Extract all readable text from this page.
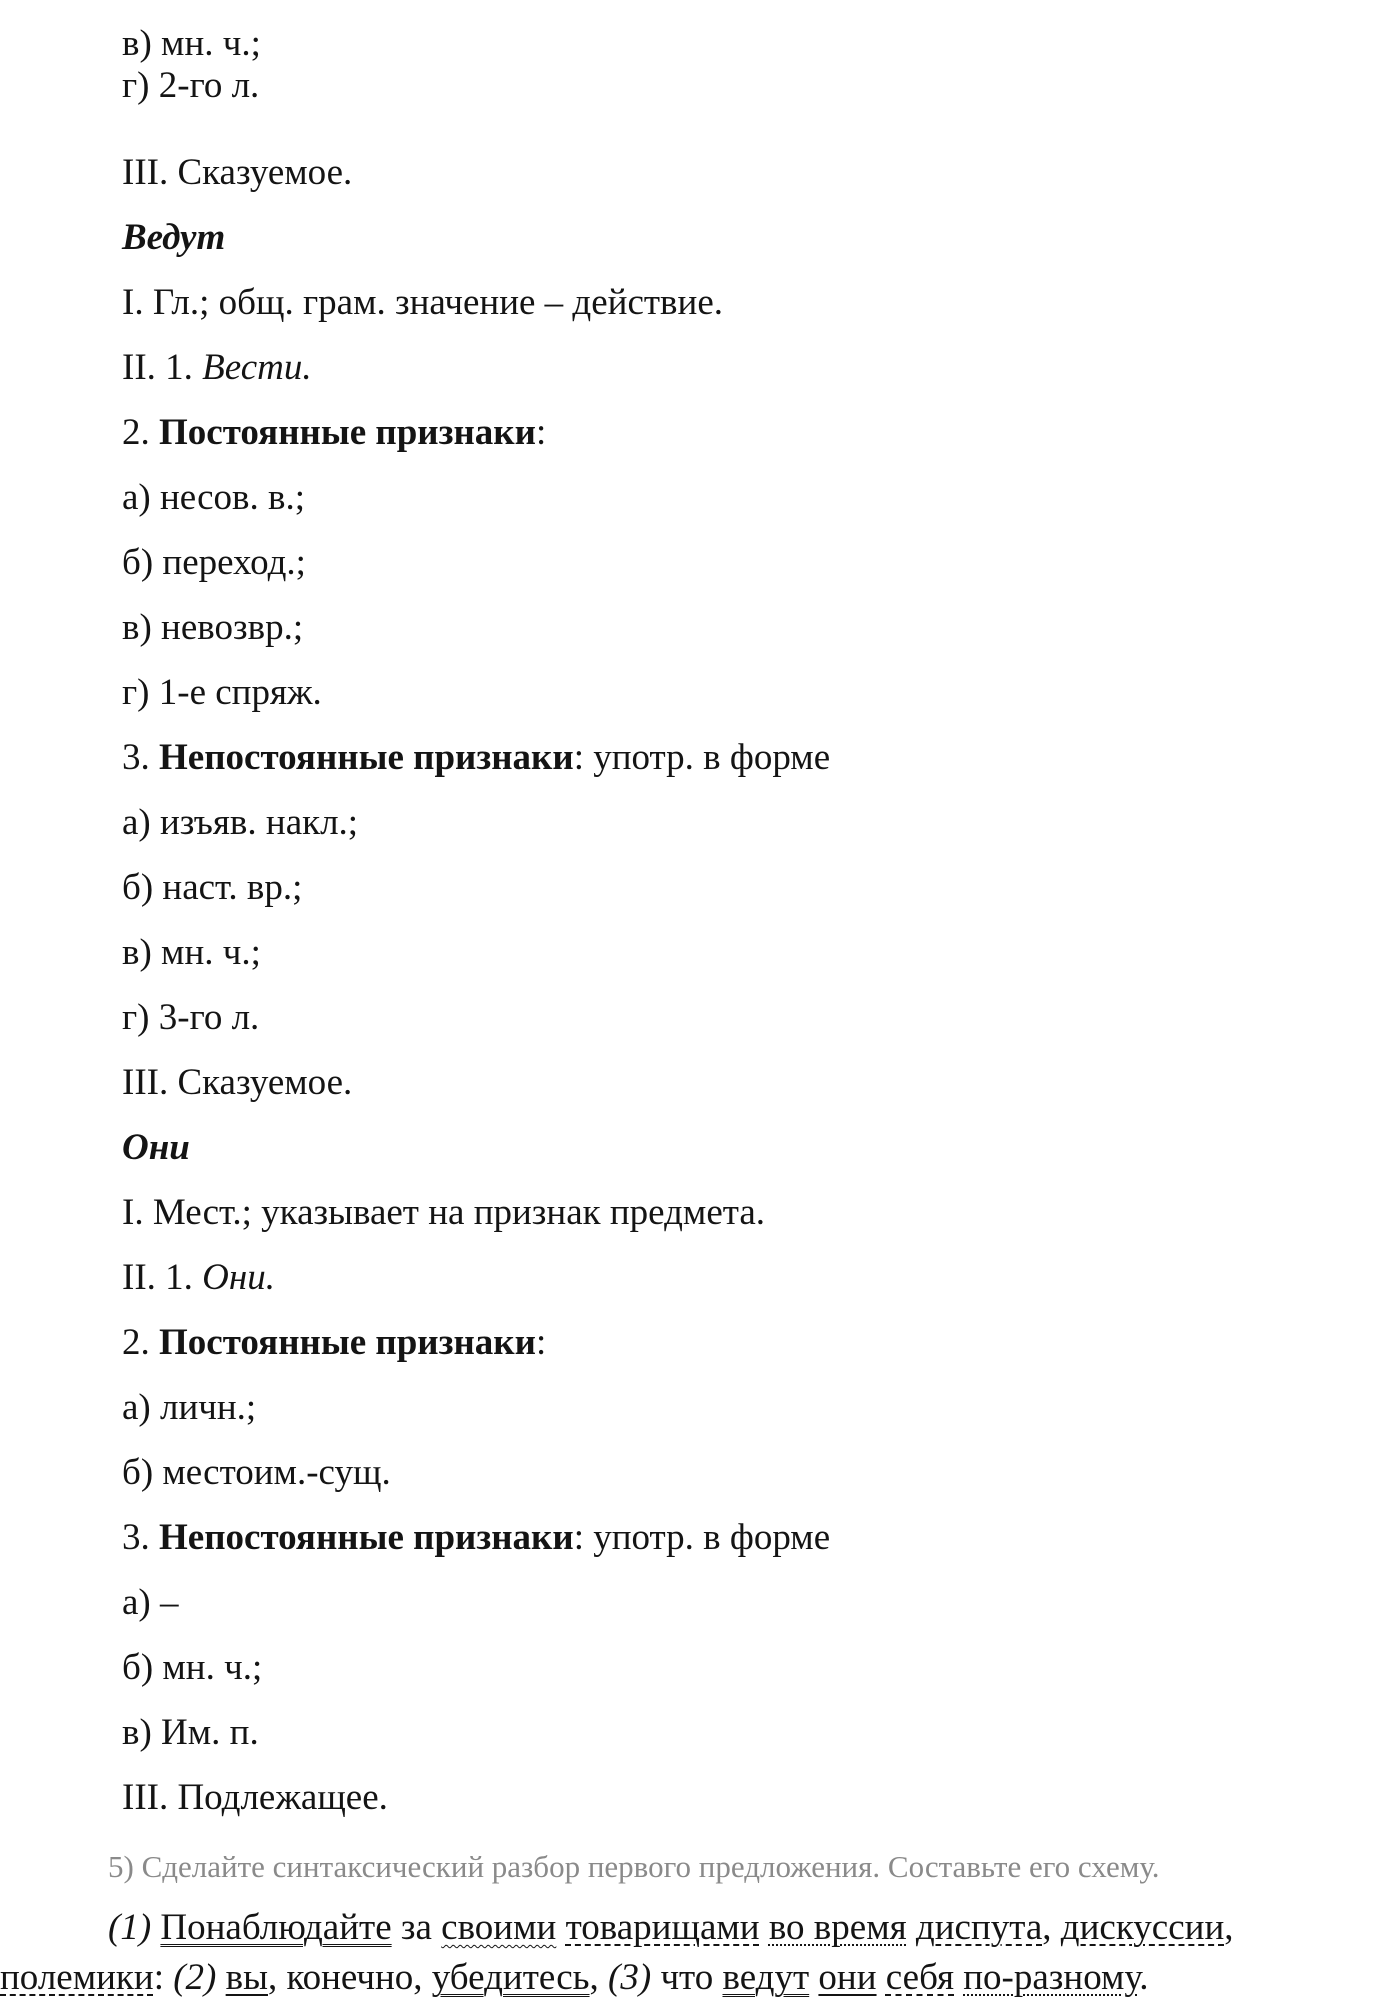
в) мн. ч.;
г) 2-го л.
III. Сказуемое.
Ведут
I. Гл.; общ. грам. значение – действие.
II. 1. Вести.
2. Постоянные признаки:
а) несов. в.;
б) переход.;
в) невозвр.;
г) 1-е спряж.
3. Непостоянные признаки: употр. в форме
а) изъяв. накл.;
б) наст. вр.;
в) мн. ч.;
г) 3-го л.
III. Сказуемое.
Они
I. Мест.; указывает на признак предмета.
II. 1. Они.
2. Постоянные признаки:
а) личн.;
б) местоим.-сущ.
3. Непостоянные признаки: употр. в форме
а) –
б) мн. ч.;
в) Им. п.
III. Подлежащее.
5) Сделайте синтаксический разбор первого предложения. Составьте его схему.
(1) Понаблюдайте за своими товарищами во время диспута, дискуссии,
полемики: (2) вы, конечно, убедитесь, (3) что ведут они себя по-разному.
